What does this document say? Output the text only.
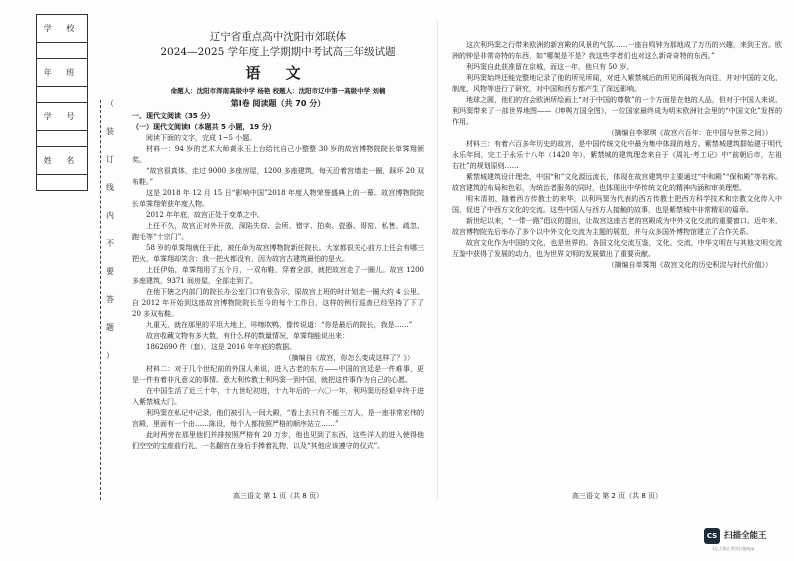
学 校

年 班

学 号

姓 名

（
装
订
线
内
不
要
答
题
）
辽宁省重点高中沈阳市郊联体
2024—2025 学年度上学期期中考试高三年级试题
语 文
命题人：沈阳市浑南高级中学 杨艳 校题人：沈阳市辽中第一高级中学 刘楠
第Ⅰ卷 阅读题（共 70 分）
一、现代文阅读（35 分）
（一）现代文阅读Ⅰ（本题共 5 小题，19 分）
阅读下面的文字，完成 1~5 小题。
材料一：94 岁的艺术大师黄永玉上台给比自己小整整 30 岁的故宫博物院院长单霁翔颁奖。
“故宫很真体，走过 9000 多座房屋，1200 多座建筑，每天沿着宫墙走一圈，踩坏 20 双布鞋。”
这是 2018 年 12 月 15 日“影响中国”2018 年度人物荣誉盛典上的一幕。故宫博物院院长单霁翔荣获年度人物。
2012 年年底，故宫正处于变革之中。
上任不久，故宫正对外开放，深陷失窃、会所、错字、拍卖、瓷器、哥窑、私售、疏忽、跑毛等“十宗门”。
58 岁的单霁翔就任于此，被任命为故宫博物院新任院长。大家都很关心前方上任会有哪三把火，单霁翔却笑言：我一把火都没有，因为故宫古建筑最怕的是火。
上任伊始，单霁翔用了五个月，一双布鞋，穿着全部，就把故宫走了一圈儿。故宫 1200 多座建筑，9371 间房屋，全部走到了。
在他下辖之内部门的院长办公室门口有张告示，原故宫上班的时计划走一圈大约 4 公里。自 2012 年开始到这座故宫博物院院长至今的每个工作日，这样的例行巡查已经坚持了下了 20 多双布鞋。
九重天，就在那里的平坦大地上，咔嚓吹鸭，像传说道：“你是最后的院长，我是……”
故宫收藏文物有多大数，有什么样的数量情况，单霁翔能说出来：
1862690 件（套），这是 2016 年年底的数据。
（摘编自《故宫，你怎么变成这样了？》）
材料二：对于几个世纪前的外国人来说，进入古老的东方——中国的宫廷是一件难事，更是一件有着非凡意义的事情。意大利传教士利玛窦一到中国，就把这件事作为自己的心愿。
在中国生活了近三十年，十九世纪初进，十九年后的一六〇一年，利玛窦历经艰辛终于进入紫禁城大门。
利玛窦在私记中记录，他们被引入一间大殿，“看上去只有不能三万人，是一座非常宏伟的宫殿，里面有一个由……陈设，每个人都按照严格的顺序站立……”
此时两旁在那里他们并排按照严格有 20 万步，他也见到了东西，这些洋人的进入使得他们空空的宝座前行礼，一名翻官在身后手捧着礼物，以及“其他应该遵守的仪式”。
这次利玛窦之行带来欧洲的新宫殿的风景的气氛……一座自鸣钟为那地成了万历的兴趣，来到王宫。欧洲的钟是非常奇特的东西，如“哪架是不是？我这些学者们也对这么新奇奇特的东西。”
利玛窦自此获准留在京城，而这一年，他只有 50 岁。
利玛窦始终还能完整地记录了他的所见所闻，对进入紫禁城后的所见所闻极为向往，并对中国的文化、制度、风物等进行了研究，对中国和西方都产生了深远影响。
地球之圆，他们的宫会欧洲所绘画上“对于中国的尊敬”的一个方面是在他的人品，但对于中国人来说，利玛窦带来了一部世界地图——《坤舆万国全图》，一位国家最终成为明末欧洲社会里的“中国文化”发挥的作用。
（摘编自李翠琪《故宫六百年：在中国与世界之间》）
材料三：有着六百多年历史的故宫，是中国传统文化中最为集中体现的地方。紫禁城建筑群始建于明代永乐年间，完工于永乐十八年（1420 年），紫禁城的建筑理念来自于《周礼·考工记》中“前朝后市，左祖右社”的规划原则……
紫禁城建筑设计理念，中国“和”文化源远流长，体现在故宫建筑中主要通过“中和殿”“保和殿”等名称。故宫建筑的布局和色彩，为统治者服务的同时，也体现出中华传统文化的精神内涵和审美理想。
明末清初，随着西方传教士的来华，以利玛窦为代表的西方传教士把西方科学技术和宗教文化传入中国，促进了中西方文化的交流。这些中国人与西方人接触的故事，也是紫禁城中非常精彩的篇章。
新世纪以来，“一带一路”倡议的提出，让故宫这座古老的宫殿成为中外文化交流的重要窗口。近年来，故宫博物院先后举办了多个以中外文化交流为主题的展览，并与众多国外博物馆建立了合作关系。
故宫文化作为中国的文化，也是世界的。各国文化交流互鉴，文化、交流，中华文明在与其他文明交流互鉴中获得了发展的动力，也为世界文明的发展做出了重要贡献。
（摘编自单霁翔《故宫文化的历史积淀与时代价值》）
高三语文 第 1 页（共 8 页）	高三语文 第 2 页（共 8 页）
CS 扫描全能王
3亿人都在用的扫描App
